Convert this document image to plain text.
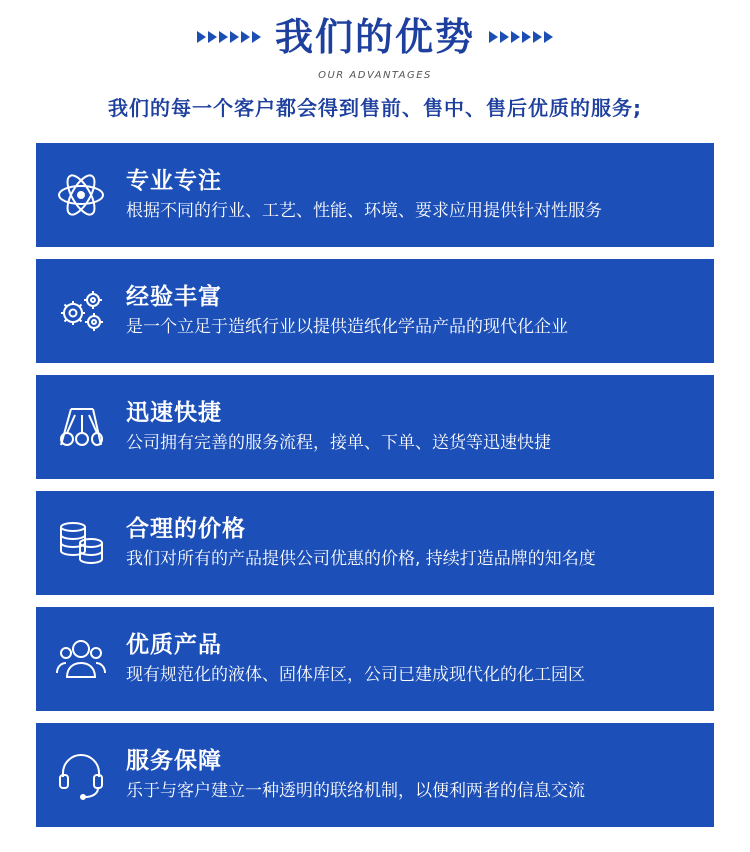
我们的优势
OUR ADVANTAGES
我们的每一个客户都会得到售前、售中、售后优质的服务;
专业专注
根据不同的行业、工艺、性能、环境、要求应用提供针对性服务
经验丰富
是一个立足于造纸行业以提供造纸化学品产品的现代化企业
迅速快捷
公司拥有完善的服务流程，接单、下单、送货等迅速快捷
合理的价格
我们对所有的产品提供公司优惠的价格, 持续打造品牌的知名度
优质产品
现有规范化的液体、固体库区，公司已建成现代化的化工园区
服务保障
乐于与客户建立一种透明的联络机制，以便利两者的信息交流
